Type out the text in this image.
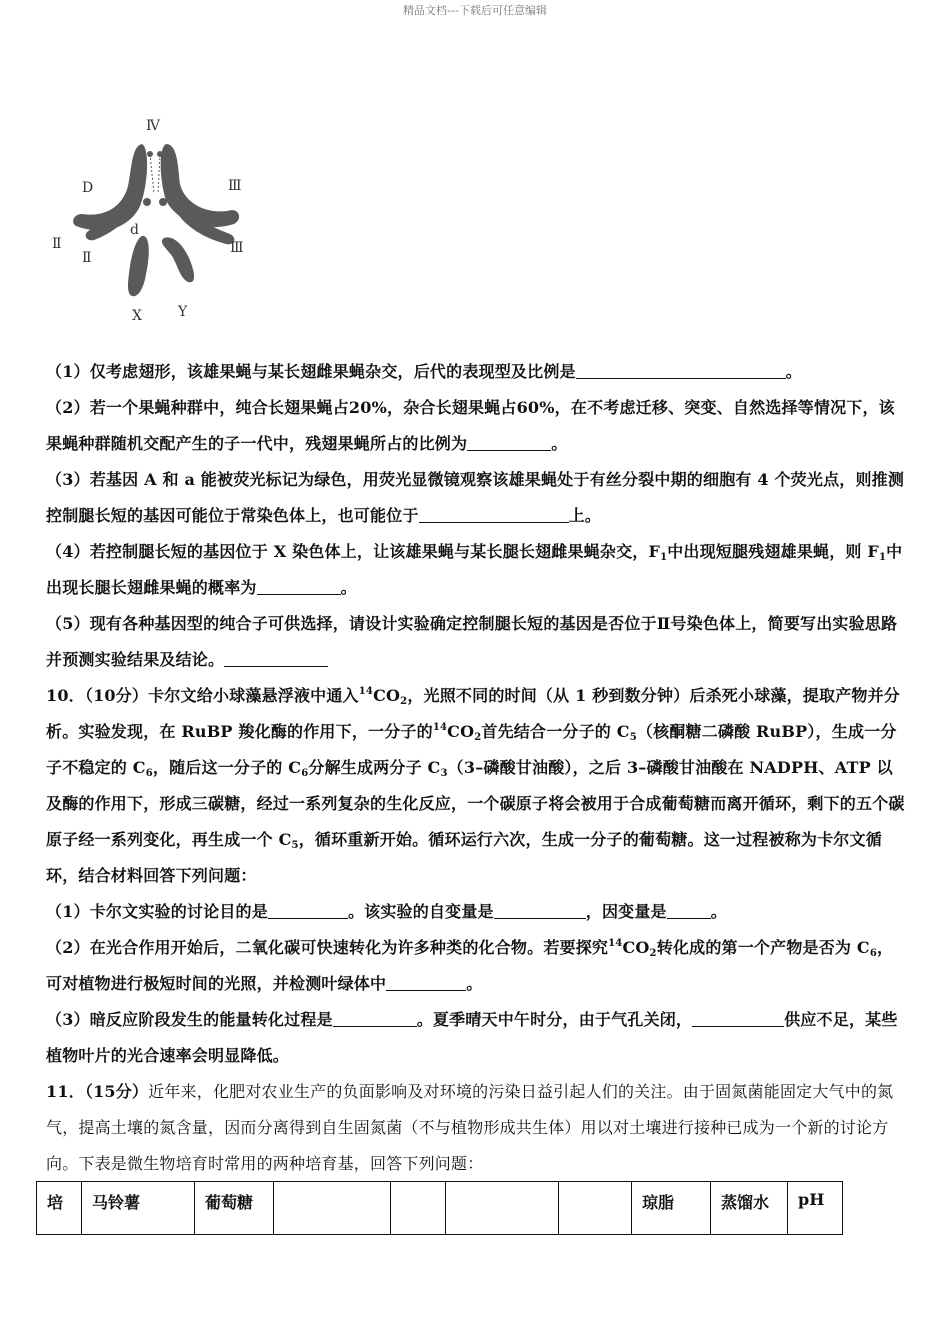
精品文档---下载后可任意编辑
Ⅳ
Ⅲ
Ⅲ
D
d
Ⅱ
Ⅱ
X	Y

（1）仅考虑翅形，该雄果蝇与某长翅雌果蝇杂交，后代的表现型及比例是	。

（2）若一个果蝇种群中，纯合长翅果蝇占20%，杂合长翅果蝇占60%，在不考虑迁移、突变、自然选择等情况下，该果蝇种群随机交配产生的子一代中，残翅果蝇所占的比例为	。

（3）若基因 A 和 a 能被荧光标记为绿色，用荧光显微镜观察该雄果蝇处于有丝分裂中期的细胞有 4 个荧光点，则推测控制腿长短的基因可能位于常染色体上，也可能位于	上。

（4）若控制腿长短的基因位于 X 染色体上，让该雄果蝇与某长腿长翅雌果蝇杂交，$F_1$中出现短腿残翅雄果蝇，则 $F_1$中出现长腿长翅雌果蝇的概率为	。

（5）现有各种基因型的纯合子可供选择，请设计实验确定控制腿长短的基因是否位于Ⅱ号染色体上，简要写出实验思路并预测实验结果及结论。

10．（10分）卡尔文给小球藻悬浮液中通入$^{14}CO_2$，光照不同的时间（从 1 秒到数分钟）后杀死小球藻，提取产物并分析。实验发现，在 RuBP 羧化酶的作用下，一分子的$^{14}CO_2$首先结合一分子的 $C_5$（核酮糖二磷酸 RuBP），生成一分子不稳定的 $C_6$，随后这一分子的 $C_6$分解生成两分子 $C_3(3-$磷酸甘油酸），之后 3–磷酸甘油酸在 NADPH、ATP 以及酶的作用下，形成三碳糖，经过一系列复杂的生化反应，一个碳原子将会被用于合成葡萄糖而离开循环，剩下的五个碳原子经一系列变化，再生成一个 $C_5$，循环重新开始。循环运行六次，生成一分子的葡萄糖。这一过程被称为卡尔文循环，结合材料回答下列问题：

（1）卡尔文实验的讨论目的是	。该实验的自变量是	，因变量是	。

（2）在光合作用开始后，二氧化碳可快速转化为许多种类的化合物。若要探究$^{14}CO_2$转化成的第一个产物是否为 $C_6$，可对植物进行极短时间的光照，并检测叶绿体中	。

（3）暗反应阶段发生的能量转化过程是	。夏季晴天中午时分，由于气孔关闭，	供应不足，某些植物叶片的光合速率会明显降低。

11．（15分）近年来，化肥对农业生产的负面影响及对环境的污染日益引起人们的关注。由于固氮菌能固定大气中的氮气，提高土壤的氮含量，因而分离得到自生固氮菌（不与植物形成共生体）用以对土壤进行接种已成为一个新的讨论方向。下表是微生物培育时常用的两种培育基，回答下列问题：

培	马铃薯	葡萄糖					琼脂	蒸馏水	pH
